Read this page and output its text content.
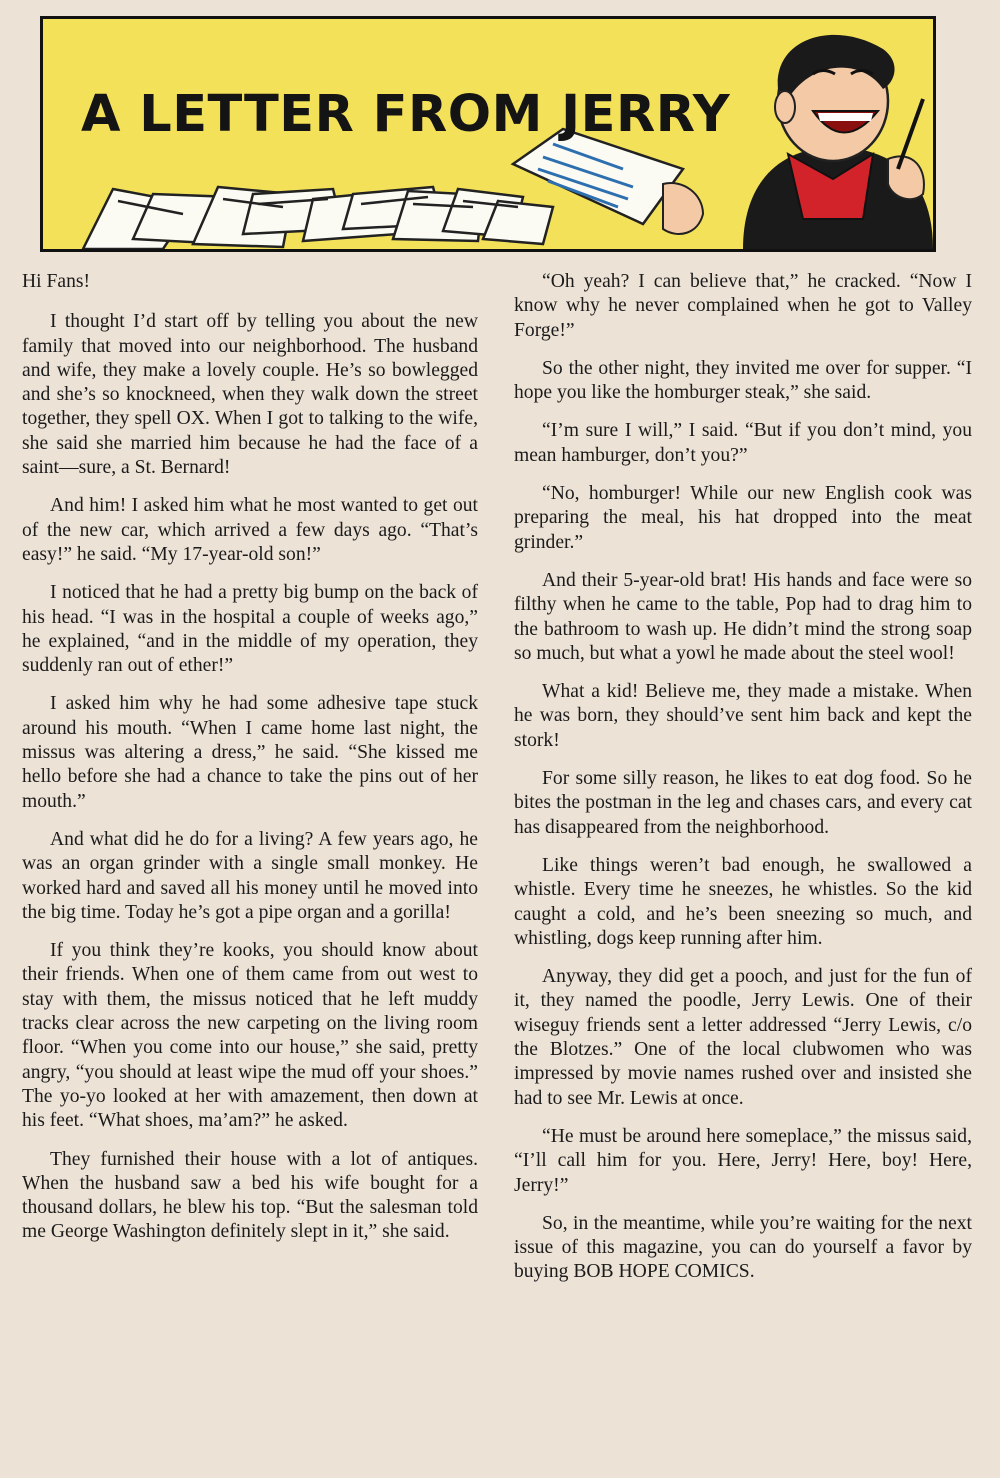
A LETTER FROM JERRY

Hi Fans!

I thought I’d start off by telling you about the new family that moved into our neighborhood. The husband and wife, they make a lovely couple. He’s so bowlegged and she’s so knockneed, when they walk down the street together, they spell OX. When I got to talking to the wife, she said she married him because he had the face of a saint—sure, a St. Bernard!

And him! I asked him what he most wanted to get out of the new car, which arrived a few days ago. “That’s easy!” he said. “My 17-year-old son!”

I noticed that he had a pretty big bump on the back of his head. “I was in the hospital a couple of weeks ago,” he explained, “and in the middle of my operation, they suddenly ran out of ether!”

I asked him why he had some adhesive tape stuck around his mouth. “When I came home last night, the missus was altering a dress,” he said. “She kissed me hello before she had a chance to take the pins out of her mouth.”

And what did he do for a living? A few years ago, he was an organ grinder with a single small monkey. He worked hard and saved all his money until he moved into the big time. Today he’s got a pipe organ and a gorilla!

If you think they’re kooks, you should know about their friends. When one of them came from out west to stay with them, the missus noticed that he left muddy tracks clear across the new carpeting on the living room floor. “When you come into our house,” she said, pretty angry, “you should at least wipe the mud off your shoes.” The yo-yo looked at her with amazement, then down at his feet. “What shoes, ma’am?” he asked.

They furnished their house with a lot of antiques. When the husband saw a bed his wife bought for a thousand dollars, he blew his top. “But the salesman told me George Washington definitely slept in it,” she said.

“Oh yeah? I can believe that,” he cracked. “Now I know why he never complained when he got to Valley Forge!”

So the other night, they invited me over for supper. “I hope you like the homburger steak,” she said.

“I’m sure I will,” I said. “But if you don’t mind, you mean hamburger, don’t you?”

“No, homburger! While our new English cook was preparing the meal, his hat dropped into the meat grinder.”

And their 5-year-old brat! His hands and face were so filthy when he came to the table, Pop had to drag him to the bathroom to wash up. He didn’t mind the strong soap so much, but what a yowl he made about the steel wool!

What a kid! Believe me, they made a mistake. When he was born, they should’ve sent him back and kept the stork!

For some silly reason, he likes to eat dog food. So he bites the postman in the leg and chases cars, and every cat has disappeared from the neighborhood.

Like things weren’t bad enough, he swallowed a whistle. Every time he sneezes, he whistles. So the kid caught a cold, and he’s been sneezing so much, and whistling, dogs keep running after him.

Anyway, they did get a pooch, and just for the fun of it, they named the poodle, Jerry Lewis. One of their wiseguy friends sent a letter addressed “Jerry Lewis, c/o the Blotzes.” One of the local clubwomen who was impressed by movie names rushed over and insisted she had to see Mr. Lewis at once.

“He must be around here someplace,” the missus said, “I’ll call him for you. Here, Jerry! Here, boy! Here, Jerry!”

So, in the meantime, while you’re waiting for the next issue of this magazine, you can do yourself a favor by buying BOB HOPE COMICS.
